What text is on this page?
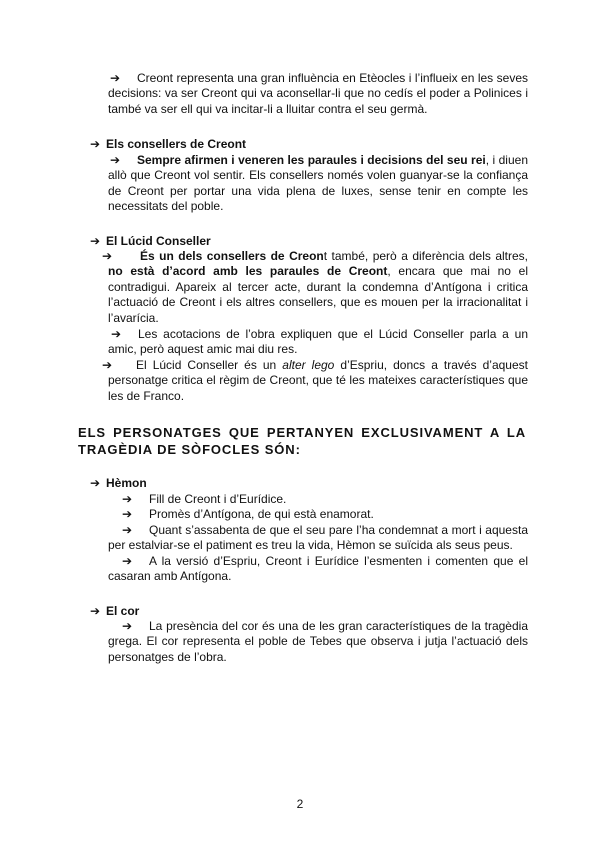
➔ Creont representa una gran influència en Etèocles i l’influeix en les seves decisions: va ser Creont qui va aconsellar-li que no cedís el poder a Polinices i també va ser ell qui va incitar-li a lluitar contra el seu germà.

➔ Els consellers de Creont

➔ Sempre afirmen i veneren les paraules i decisions del seu rei, i diuen allò que Creont vol sentir. Els consellers només volen guanyar-se la confiança de Creont per portar una vida plena de luxes, sense tenir en compte les necessitats del poble.

➔ El Lúcid Conseller

➔ És un dels consellers de Creont també, però a diferència dels altres, no està d’acord amb les paraules de Creont, encara que mai no el contradigui. Apareix al tercer acte, durant la condemna d’Antígona i critica l’actuació de Creont i els altres consellers, que es mouen per la irracionalitat i l’avarícia.

➔ Les acotacions de l’obra expliquen que el Lúcid Conseller parla a un amic, però aquest amic mai diu res.

➔ El Lúcid Conseller és un alter lego d’Espriu, doncs a través d’aquest personatge critica el règim de Creont, que té les mateixes característiques que les de Franco.

ELS PERSONATGES QUE PERTANYEN EXCLUSIVAMENT A LA TRAGÈDIA DE SÒFOCLES SÓN:

➔ Hèmon

➔ Fill de Creont i d’Eurídice.

➔ Promès d’Antígona, de qui està enamorat.

➔ Quant s’assabenta de que el seu pare l’ha condemnat a mort i aquesta per estalviar-se el patiment es treu la vida, Hèmon se suïcida als seus peus.

➔ A la versió d’Espriu, Creont i Eurídice l’esmenten i comenten que el casaran amb Antígona.

➔ El cor

➔ La presència del cor és una de les gran característiques de la tragèdia grega. El cor representa el poble de Tebes que observa i jutja l’actuació dels personatges de l’obra.

2
